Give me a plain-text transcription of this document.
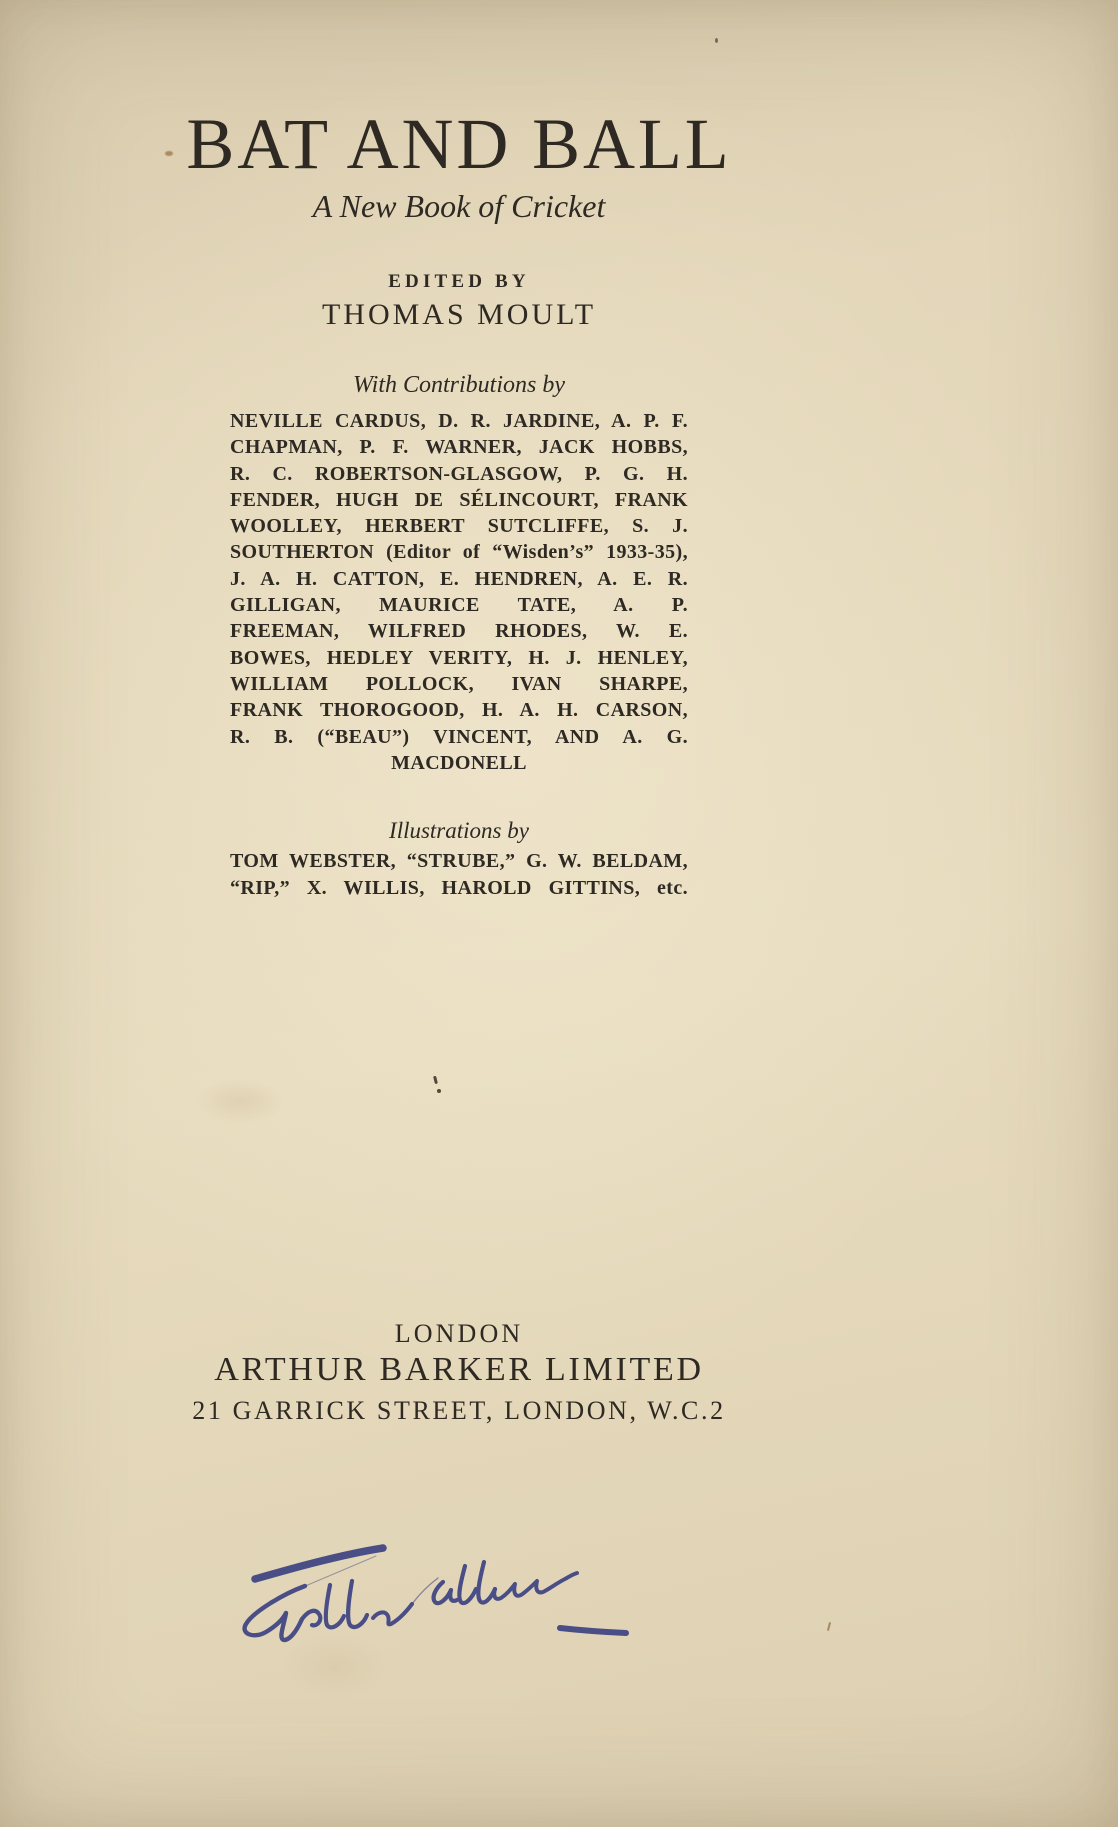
BAT AND BALL
A New Book of Cricket
EDITED BY
THOMAS MOULT
With Contributions by
NEVILLE CARDUS, D. R. JARDINE, A. P. F.
CHAPMAN, P. F. WARNER, JACK HOBBS,
R. C. ROBERTSON-GLASGOW, P. G. H.
FENDER, HUGH DE SÉLINCOURT, FRANK
WOOLLEY, HERBERT SUTCLIFFE, S. J.
SOUTHERTON (Editor of “Wisden’s” 1933-35),
J. A. H. CATTON, E. HENDREN, A. E. R.
GILLIGAN, MAURICE TATE, A. P.
FREEMAN, WILFRED RHODES, W. E.
BOWES, HEDLEY VERITY, H. J. HENLEY,
WILLIAM POLLOCK, IVAN SHARPE,
FRANK THOROGOOD, H. A. H. CARSON,
R. B. (“BEAU”) VINCENT, AND A. G.
MACDONELL
Illustrations by
TOM WEBSTER, “STRUBE,” G. W. BELDAM,
“RIP,” X. WILLIS, HAROLD GITTINS, etc.
LONDON
ARTHUR BARKER LIMITED
21 GARRICK STREET, LONDON, W.C.2
